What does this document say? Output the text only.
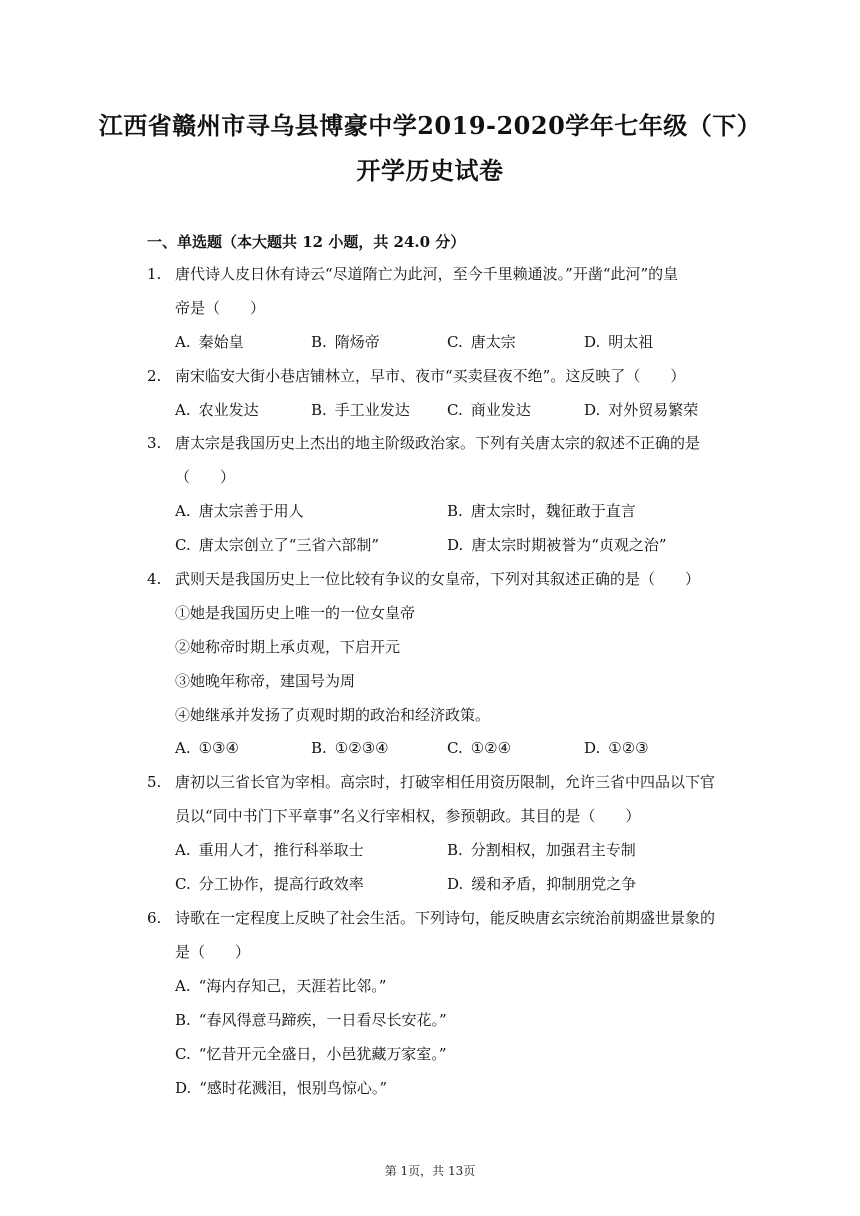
江西省赣州市寻乌县博豪中学2019-2020学年七年级（下）
开学历史试卷
一、单选题（本大题共 12 小题，共 24.0 分）
1. 唐代诗人皮日休有诗云“尽道隋亡为此河，至今千里赖通波。”开凿“此河”的皇
帝是（　　）
A. 秦始皇	B. 隋炀帝	C. 唐太宗	D. 明太祖
2. 南宋临安大街小巷店铺林立，早市、夜市“买卖昼夜不绝”。这反映了（　　）
A. 农业发达	B. 手工业发达 C. 商业发达	D. 对外贸易繁荣
3. 唐太宗是我国历史上杰出的地主阶级政治家。下列有关唐太宗的叙述不正确的是
（　　）
A. 唐太宗善于用人	B. 唐太宗时，魏征敢于直言
C. 唐太宗创立了“三省六部制”	D. 唐太宗时期被誉为“贞观之治”
4. 武则天是我国历史上一位比较有争议的女皇帝，下列对其叙述正确的是（　　）
①她是我国历史上唯一的一位女皇帝
②她称帝时期上承贞观，下启开元
③她晚年称帝，建国号为周
④她继承并发扬了贞观时期的政治和经济政策。
A. ①③④	B. ①②③④	C. ①②④	D. ①②③
5. 唐初以三省长官为宰相。高宗时，打破宰相任用资历限制，允许三省中四品以下官
员以“同中书门下平章事”名义行宰相权，参预朝政。其目的是（　　）
A. 重用人才，推行科举取士	B. 分割相权，加强君主专制
C. 分工协作，提高行政效率	D. 缓和矛盾，抑制朋党之争
6. 诗歌在一定程度上反映了社会生活。下列诗句，能反映唐玄宗统治前期盛世景象的
是（　　）
A. “海内存知己，天涯若比邻。”
B. “春风得意马蹄疾，一日看尽长安花。”
C. “忆昔开元全盛日，小邑犹藏万家室。”
D. “感时花溅泪，恨别鸟惊心。”
第 1页，共 13页
